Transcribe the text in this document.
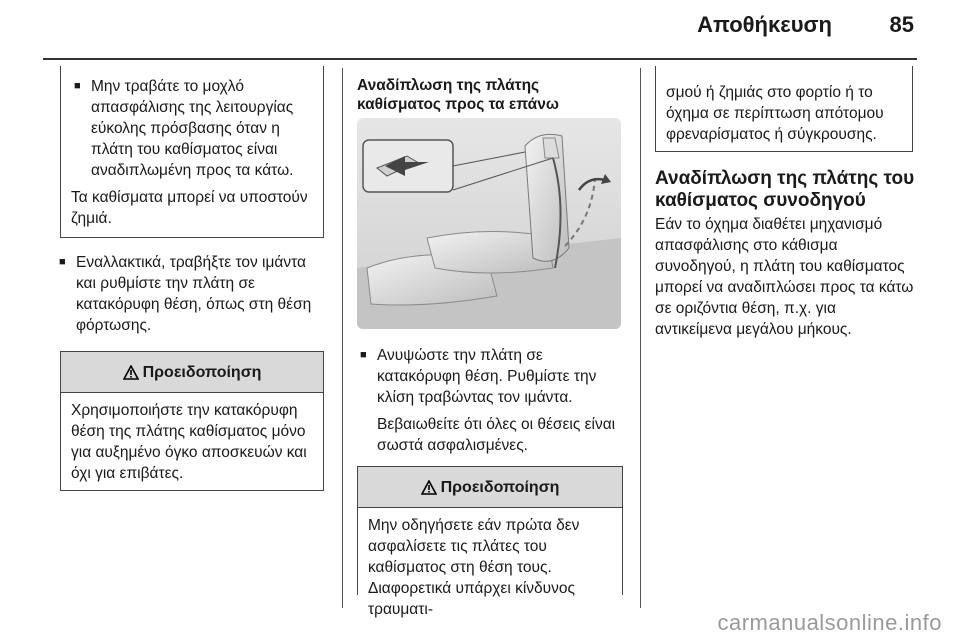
Αποθήκευση	85

■ Μην τραβάτε το μοχλό απασφάλισης της λειτουργίας εύκολης πρόσβασης όταν η πλάτη του καθίσματος είναι αναδιπλωμένη προς τα κάτω.

Τα καθίσματα μπορεί να υποστούν ζημιά.

■ Εναλλακτικά, τραβήξτε τον ιμάντα και ρυθμίστε την πλάτη σε κατακόρυφη θέση, όπως στη θέση φόρτωσης.

Προειδοποίηση

Χρησιμοποιήστε την κατακόρυφη θέση της πλάτης καθίσματος μόνο για αυξημένο όγκο αποσκευών και όχι για επιβάτες.

Αναδίπλωση της πλάτης καθίσματος προς τα επάνω

■ Ανυψώστε την πλάτη σε κατακόρυφη θέση. Ρυθμίστε την κλίση τραβώντας τον ιμάντα.

Βεβαιωθείτε ότι όλες οι θέσεις είναι σωστά ασφαλισμένες.

Προειδοποίηση

Μην οδηγήσετε εάν πρώτα δεν ασφαλίσετε τις πλάτες του καθίσματος στη θέση τους. Διαφορετικά υπάρχει κίνδυνος τραυματι-

σμού ή ζημιάς στο φορτίο ή το όχημα σε περίπτωση απότομου φρεναρίσματος ή σύγκρουσης.

Αναδίπλωση της πλάτης του καθίσματος συνοδηγού

Εάν το όχημα διαθέτει μηχανισμό απασφάλισης στο κάθισμα συνοδηγού, η πλάτη του καθίσματος μπορεί να αναδιπλώσει προς τα κάτω σε οριζόντια θέση, π.χ. για αντικείμενα μεγάλου μήκους.

carmanualsonline.info
